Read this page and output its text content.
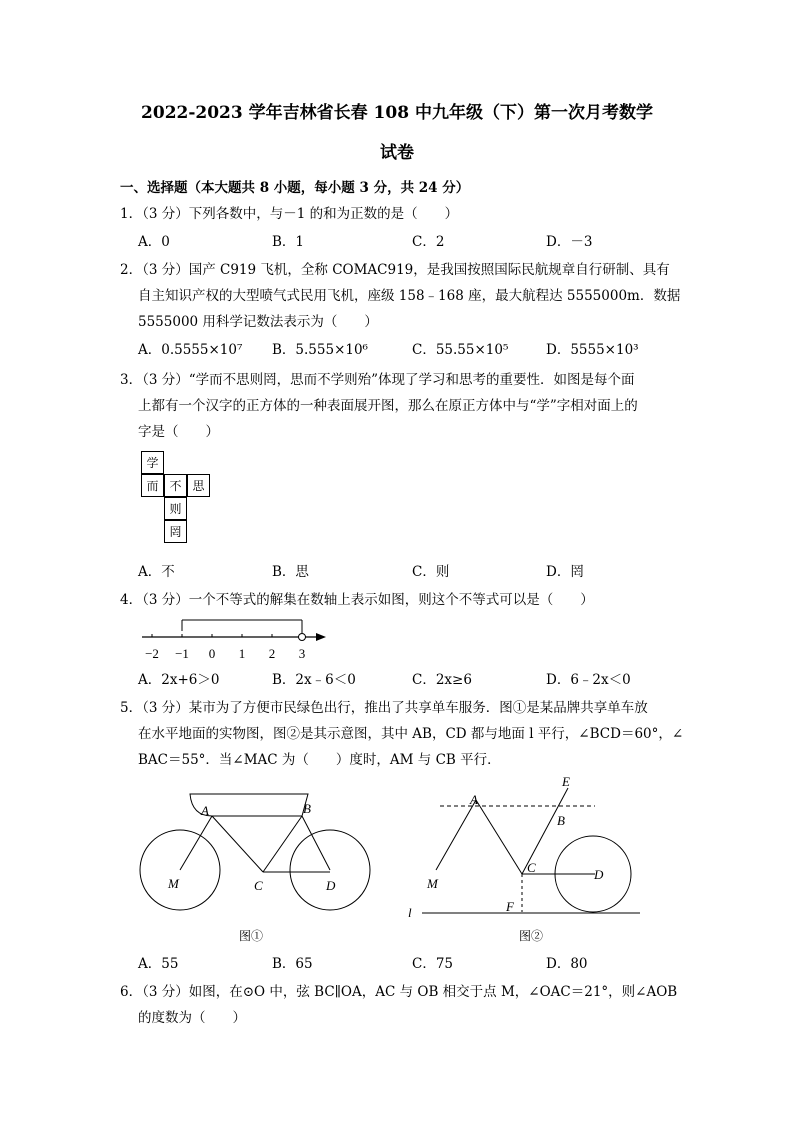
2022-2023 学年吉林省长春 108 中九年级（下）第一次月考数学
试卷
一、选择题（本大题共 8 小题，每小题 3 分，共 24 分）
1．（3 分）下列各数中，与－1 的和为正数的是（　　）
A．0	B．1	C．2	D．－3
2．（3 分）国产 C919 飞机，全称 COMAC919，是我国按照国际民航规章自行研制、具有
自主知识产权的大型喷气式民用飞机，座级 158﹣168 座，最大航程达 5555000m．数据
5555000 用科学记数法表示为（　　）
A．0.5555×10⁷ B．5.555×10⁶	C．55.55×10⁵	D．5555×10³
3．（3 分）“学而不思则罔，思而不学则殆”体现了学习和思考的重要性．如图是每个面
上都有一个汉字的正方体的一种表面展开图，那么在原正方体中与“学”字相对面上的
字是（　　）
学
而 不 思
则
罔
A．不	B．思	C．则	D．罔
4．（3 分）一个不等式的解集在数轴上表示如图，则这个不等式可以是（　　）
−2 −1 0 1 2 3
A．2x+6＞0	B．2x﹣6＜0	C．2x≥6	D．6﹣2x＜0
5．（3 分）某市为了方便市民绿色出行，推出了共享单车服务．图①是某品牌共享单车放
在水平地面的实物图，图②是其示意图，其中 AB，CD 都与地面 l 平行，∠BCD＝60°，∠
BAC＝55°．当∠MAC 为（　　）度时，AM 与 CB 平行．
A	B
M	C	D
图①
E
A
B
C	D
M
F
l
图②
A．55	B．65	C．75	D．80
6．（3 分）如图，在⊙O 中，弦 BC∥OA，AC 与 OB 相交于点 M，∠OAC＝21°，则∠AOB
的度数为（　　）
